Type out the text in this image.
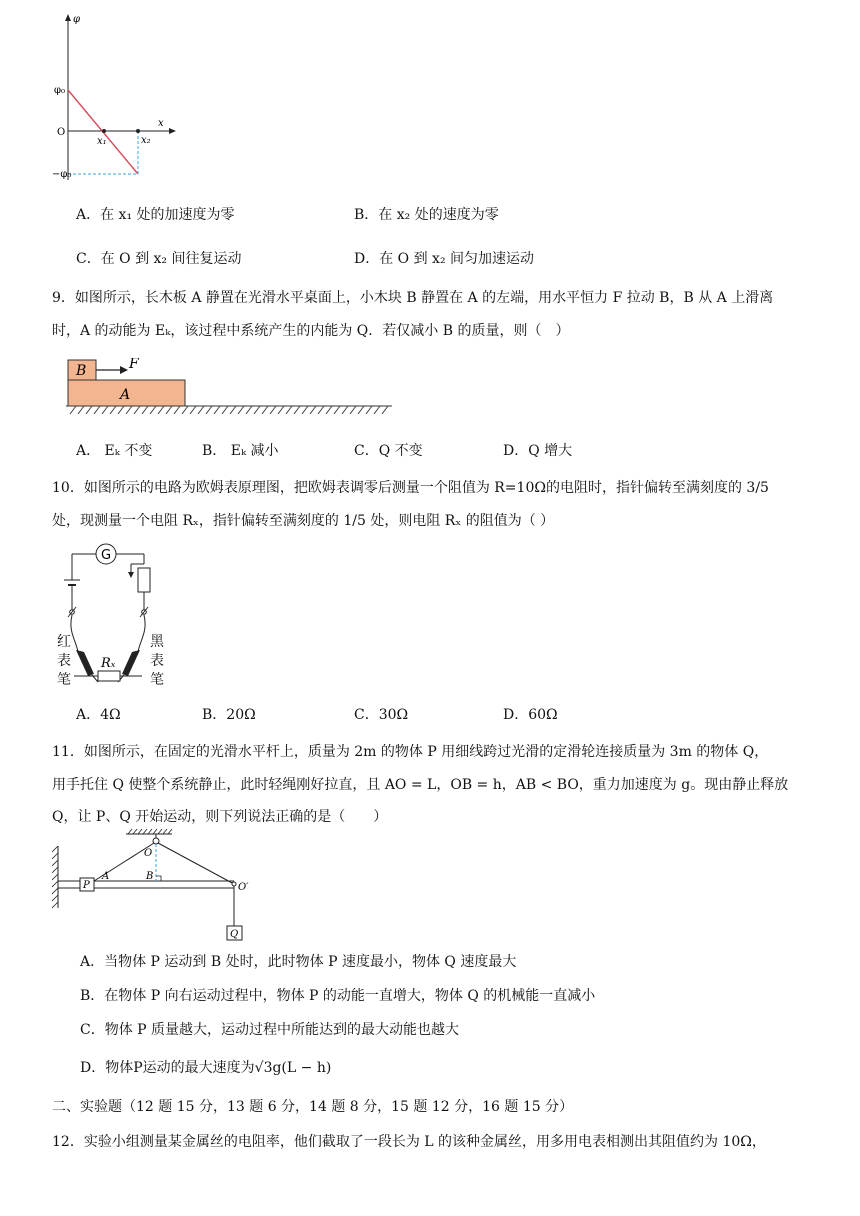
φ
x
O
φ₀
−φ₀
x₁	x₂
A．在 x₁ 处的加速度为零	B．在 x₂ 处的速度为零
C．在 O 到 x₂ 间往复运动	D．在 O 到 x₂ 间匀加速运动
9．如图所示，长木板 A 静置在光滑水平桌面上，小木块 B 静置在 A 的左端，用水平恒力 F 拉动 B，B 从 A 上滑离
时，A 的动能为 Eₖ，该过程中系统产生的内能为 Q．若仅减小 B 的质量，则（　）
B	F
A
A． Eₖ 不变	B． Eₖ 减小	C．Q 不变	D．Q 增大
10．如图所示的电路为欧姆表原理图，把欧姆表调零后测量一个阻值为 R=10Ω的电阻时，指针偏转至满刻度的 3/5
处，现测量一个电阻 Rₓ，指针偏转至满刻度的 1/5 处，则电阻 Rₓ 的阻值为（ ）
G
Rₓ
红
表
笔
黑
表
笔
A．4Ω	B．20Ω	C．30Ω	D．60Ω
11．如图所示，在固定的光滑水平杆上，质量为 2m 的物体 P 用细线跨过光滑的定滑轮连接质量为 3m 的物体 Q，
用手托住 Q 使整个系统静止，此时轻绳刚好拉直，且 AO = L，OB = h，AB < BO，重力加速度为 g。现由静止释放
Q，让 P、Q 开始运动，则下列说法正确的是（　　）
O
P
A	B
O′
Q
A．当物体 P 运动到 B 处时，此时物体 P 速度最小，物体 Q 速度最大
B．在物体 P 向右运动过程中，物体 P 的动能一直增大，物体 Q 的机械能一直减小
C．物体 P 质量越大，运动过程中所能达到的最大动能也越大
D．物体P运动的最大速度为√3g(L − h)
二、实验题（12 题 15 分，13 题 6 分，14 题 8 分，15 题 12 分，16 题 15 分）
12．实验小组测量某金属丝的电阻率，他们截取了一段长为 L 的该种金属丝，用多用电表相测出其阻值约为 10Ω，
